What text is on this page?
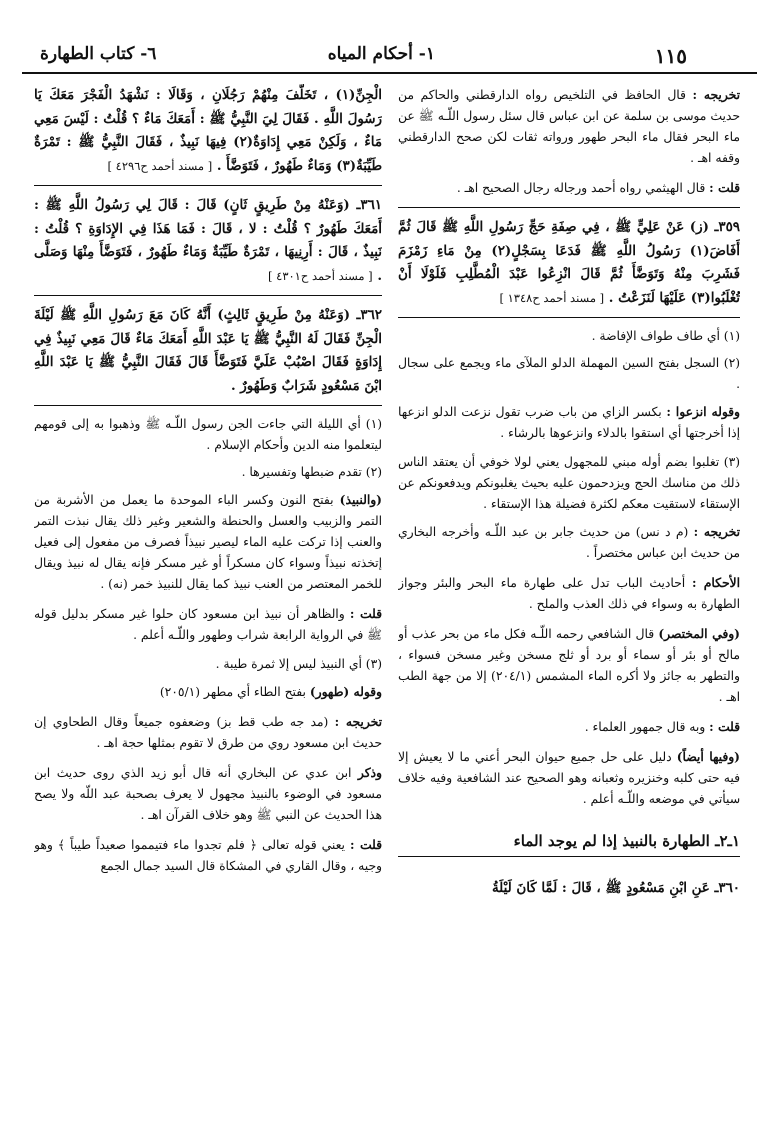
١١٥
١- أحكام المياه
٦- كتاب الطهارة

تخريجه : قال الحافظ في التلخيص رواه الدارقطني والحاكم من حديث موسى بن سلمة عن ابن عباس قال سئل رسول اللّـه ﷺ عن ماء البحر فقال ماء البحر طهور ورواته ثقات لكن صحح الدارقطني وقفه اهـ .

قلت : قال الهيثمي رواه أحمد ورجاله رجال الصحيح اهـ .

٣٥٩ـ (ز) عَنْ عَلِيٍّ ﷺ ، فِي صِفَةِ حَجِّ رَسُولِ اللَّهِ ﷺ قَالَ ثُمَّ أَفَاضَ(١) رَسُولُ اللَّهِ ﷺ فَدَعَا بِسَجْلٍ(٢) مِنْ مَاءِ زَمْزَمَ فَشَرِبَ مِنْهُ وَتَوَضَّأَ ثُمَّ قَالَ انْزِعُوا عَبْدَ الْمُطَّلِبِ فَلَوْلَا أَنْ تُغْلَبُوا(٣) عَلَيْهَا لَنَزَعْتُ . [ مسند أحمد ح١٣٤٨ ]

(١) أي طاف طواف الإفاضة .

(٢) السجل بفتح السين المهملة الدلو الملآى ماء ويجمع على سجال .

وقوله انزعوا : بكسر الزاي من باب ضرب تقول نزعت الدلو انزعها إذا أخرجتها أي استقوا بالدلاء وانزعوها بالرشاء .

(٣) تغلبوا بضم أوله مبني للمجهول يعني لولا خوفي أن يعتقد الناس ذلك من مناسك الحج ويزدحمون عليه بحيث يغلبونكم ويدفعونكم عن الإستقاء لاستقيت معكم لكثرة فضيلة هذا الإستقاء .

تخريجه : (م د نس) من حديث جابر بن عبد اللّـه وأخرجه البخاري من حديث ابن عباس مختصراً .

الأحكام : أحاديث الباب تدل على طهارة ماء البحر والبئر وجواز الطهارة به وسواء في ذلك العذب والملح .

(وفي المختصر) قال الشافعي رحمه اللّـه فكل ماء من بحر عذب أو مالح أو بئر أو سماء أو برد أو ثلج مسخن وغير مسخن فسواء ، والتطهر به جائز ولا أكره الماء المشمس (٢٠٤/١) إلا من جهة الطب اهـ .

قلت : وبه قال جمهور العلماء .

(وفيها أيضاً) دليل على حل جميع حيوان البحر أعني ما لا يعيش إلا فيه حتى كلبه وخنزيره وثعبانه وهو الصحيح عند الشافعية وفيه خلاف سيأتي في موضعه واللّـه أعلم .

١ـ٢ـ الطهارة بالنبيذ إذا لم يوجد الماء

٣٦٠ـ عَنِ ابْنِ مَسْعُودٍ ﷺ ، قَالَ : لَمَّا كَانَ لَيْلَةُ

الْجِنِّ(١) ، تَخَلَّفَ مِنْهُمْ رَجُلَانِ ، وَقَالَا : نَشْهَدُ الْفَجْرَ مَعَكَ يَا رَسُولَ اللَّهِ . فَقَالَ لِيَ النَّبِيُّ ﷺ : أَمَعَكَ مَاءٌ ؟ قُلْتُ : لَيْسَ مَعِي مَاءٌ ، وَلَكِنْ مَعِي إِدَاوَةٌ(٢) فِيهَا نَبِيذٌ ، فَقَالَ النَّبِيُّ ﷺ : تَمْرَةٌ طَيِّبَةٌ(٣) وَمَاءٌ طَهُورٌ ، فَتَوَضَّأَ . [ مسند أحمد ح٤٢٩٦ ]

٣٦١ـ (وَعَنْهُ مِنْ طَرِيقٍ ثَانٍ) قَالَ : قَالَ لِي رَسُولُ اللَّهِ ﷺ : أَمَعَكَ طَهُورٌ ؟ قُلْتُ : لا ، قَالَ : فَمَا هَذَا فِي الإِدَاوَةِ ؟ قُلْتُ : نَبِيذٌ ، قَالَ : أَرِنِيهَا ، تَمْرَةٌ طَيِّبَةٌ وَمَاءٌ طَهُورٌ ، فَتَوَضَّأَ مِنْهَا وَصَلَّى . [ مسند أحمد ح٤٣٠١ ]

٣٦٢ـ (وَعَنْهُ مِنْ طَرِيقٍ ثَالِثٍ) أَنَّهُ كَانَ مَعَ رَسُولِ اللَّهِ ﷺ لَيْلَةَ الْجِنِّ فَقَالَ لَهُ النَّبِيُّ ﷺ يَا عَبْدَ اللَّهِ أَمَعَكَ مَاءٌ قَالَ مَعِي نَبِيذٌ فِي إِدَاوَةٍ فَقَالَ اصْبُبْ عَلَيَّ فَتَوَضَّأَ قَالَ فَقَالَ النَّبِيُّ ﷺ يَا عَبْدَ اللَّهِ ابْنَ مَسْعُودٍ شَرَابٌ وَطَهُورٌ .

(١) أي الليلة التي جاءت الجن رسول اللّـه ﷺ وذهبوا به إلى قومهم ليتعلموا منه الدين وأحكام الإسلام .

(٢) تقدم ضبطها وتفسيرها .

(والنبيذ) بفتح النون وكسر الباء الموحدة ما يعمل من الأشربة من التمر والزبيب والعسل والحنطة والشعير وغير ذلك يقال نبذت التمر والعنب إذا تركت عليه الماء ليصير نبيذاً فصرف من مفعول إلى فعيل إتخذته نبيذاً وسواء كان مسكراً أو غير مسكر فإنه يقال له نبيذ ويقال للخمر المعتصر من العنب نبيذ كما يقال للنبيذ خمر (نه) .

قلت : والظاهر أن نبيذ ابن مسعود كان حلوا غير مسكر بدليل قوله ﷺ في الرواية الرابعة شراب وطهور واللّـه أعلم .

(٣) أي النبيذ ليس إلا ثمرة طيبة .

وقوله (طهور) بفتح الطاء أي مطهر (٢٠٥/١)

تخريجه : (مد جه طب قط بز) وضعفوه جميعاً وقال الطحاوي إن حديث ابن مسعود روي من طرق لا تقوم بمثلها حجة اهـ .

وذكر ابن عدي عن البخاري أنه قال أبو زيد الذي روى حديث ابن مسعود في الوضوء بالنبيذ مجهول لا يعرف بصحبة عبد اللّه ولا يصح هذا الحديث عن النبي ﷺ وهو خلاف القرآن اهـ .

قلت : يعني قوله تعالى ﴿ فلم تجدوا ماء فتيمموا صعيداً طيباً ﴾ وهو وجيه ، وقال القاري في المشكاة قال السيد جمال الجمع
